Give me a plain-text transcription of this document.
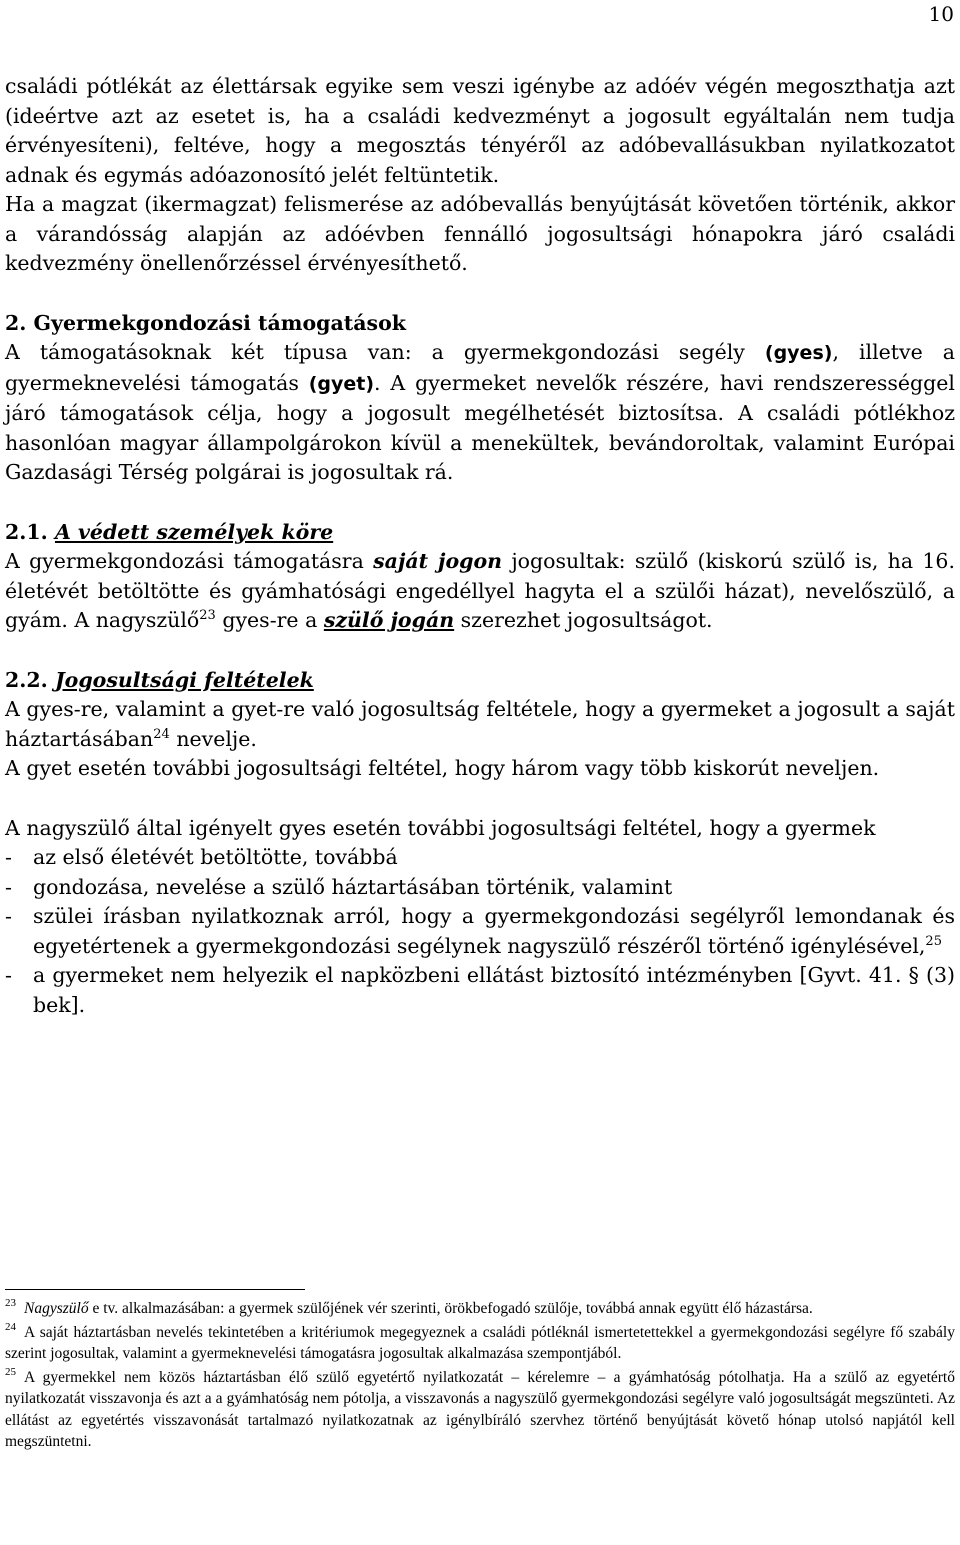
10

családi pótlékát az élettársak egyike sem veszi igénybe az adóév végén megoszthatja azt (ideértve azt az esetet is, ha a családi kedvezményt a jogosult egyáltalán nem tudja érvényesíteni), feltéve, hogy a megosztás tényéről az adóbevallásukban nyilatkozatot adnak és egymás adóazonosító jelét feltüntetik.

Ha a magzat (ikermagzat) felismerése az adóbevallás benyújtását követően történik, akkor a várandósság alapján az adóévben fennálló jogosultsági hónapokra járó családi kedvezmény önellenőrzéssel érvényesíthető.

2. Gyermekgondozási támogatások

A támogatásoknak két típusa van: a gyermekgondozási segély (gyes), illetve a gyermeknevelési támogatás (gyet). A gyermeket nevelők részére, havi rendszerességgel járó támogatások célja, hogy a jogosult megélhetését biztosítsa. A családi pótlékhoz hasonlóan magyar állampolgárokon kívül a menekültek, bevándoroltak, valamint Európai Gazdasági Térség polgárai is jogosultak rá.

2.1. A védett személyek köre

A gyermekgondozási támogatásra saját jogon jogosultak: szülő (kiskorú szülő is, ha 16. életévét betöltötte és gyámhatósági engedéllyel hagyta el a szülői házat), nevelőszülő, a gyám. A nagyszülő$^{23}$ gyes-re a szülő jogán szerezhet jogosultságot.

2.2. Jogosultsági feltételek

A gyes-re, valamint a gyet-re való jogosultság feltétele, hogy a gyermeket a jogosult a saját háztartásában$^{24}$ nevelje.

A gyet esetén további jogosultsági feltétel, hogy három vagy több kiskorút neveljen.

A nagyszülő által igényelt gyes esetén további jogosultsági feltétel, hogy a gyermek

-	az első életévét betöltötte, továbbá
-	gondozása, nevelése a szülő háztartásában történik, valamint
-	szülei írásban nyilatkoznak arról, hogy a gyermekgondozási segélyről lemondanak és egyetértenek a gyermekgondozási segélynek nagyszülő részéről történő igénylésével,$^{25}$
-	a gyermeket nem helyezik el napközbeni ellátást biztosító intézményben [Gyvt. 41. § (3) bek].

$^{23}$ Nagyszülő e tv. alkalmazásában: a gyermek szülőjének vér szerinti, örökbefogadó szülője, továbbá annak együtt élő házastársa.

$^{24}$ A saját háztartásban nevelés tekintetében a kritériumok megegyeznek a családi pótléknál ismertetettekkel a gyermekgondozási segélyre fő szabály szerint jogosultak, valamint a gyermeknevelési támogatásra jogosultak alkalmazása szempontjából.

$^{25}$ A gyermekkel nem közös háztartásban élő szülő egyetértő nyilatkozatát – kérelemre – a gyámhatóság pótolhatja. Ha a szülő az egyetértő nyilatkozatát visszavonja és azt a a gyámhatóság nem pótolja, a visszavonás a nagyszülő gyermekgondozási segélyre való jogosultságát megszünteti. Az ellátást az egyetértés visszavonását tartalmazó nyilatkozatnak az igénylbíráló szervhez történő benyújtását követő hónap utolsó napjától kell megszüntetni.
